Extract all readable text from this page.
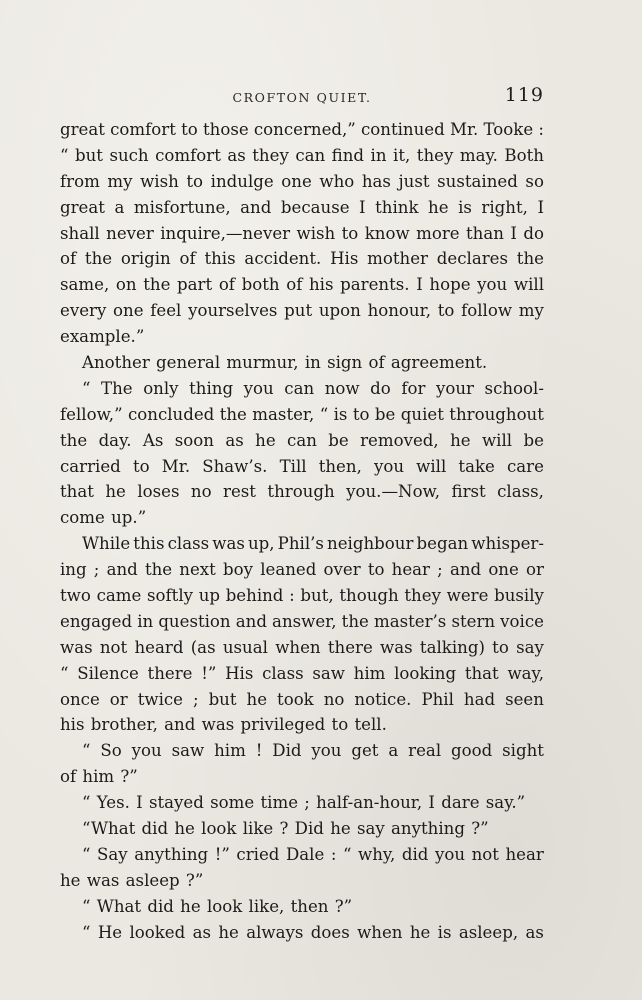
CROFTON QUIET.	119
great comfort to those concerned,” continued Mr. Tooke :
“ but such comfort as they can find in it, they may. Both
from my wish to indulge one who has just sustained so
great a misfortune, and because I think he is right, I
shall never inquire,—never wish to know more than I do
of the origin of this accident. His mother declares the
same, on the part of both of his parents. I hope you will
every one feel yourselves put upon honour, to follow my
example.”
Another general murmur, in sign of agreement.
“ The only thing you can now do for your school-
fellow,” concluded the master, “ is to be quiet throughout
the day. As soon as he can be removed, he will be
carried to Mr. Shaw’s. Till then, you will take care
that he loses no rest through you.—Now, first class,
come up.”
While this class was up, Phil’s neighbour began whisper-
ing ; and the next boy leaned over to hear ; and one or
two came softly up behind : but, though they were busily
engaged in question and answer, the master’s stern voice
was not heard (as usual when there was talking) to say
“ Silence there !” His class saw him looking that way,
once or twice ; but he took no notice. Phil had seen
his brother, and was privileged to tell.
“ So you saw him ! Did you get a real good sight
of him ?”
“ Yes. I stayed some time ; half-an-hour, I dare say.”
“What did he look like ? Did he say anything ?”
“ Say anything !” cried Dale : “ why, did you not hear
he was asleep ?”
“ What did he look like, then ?”
“ He looked as he always does when he is asleep, as
